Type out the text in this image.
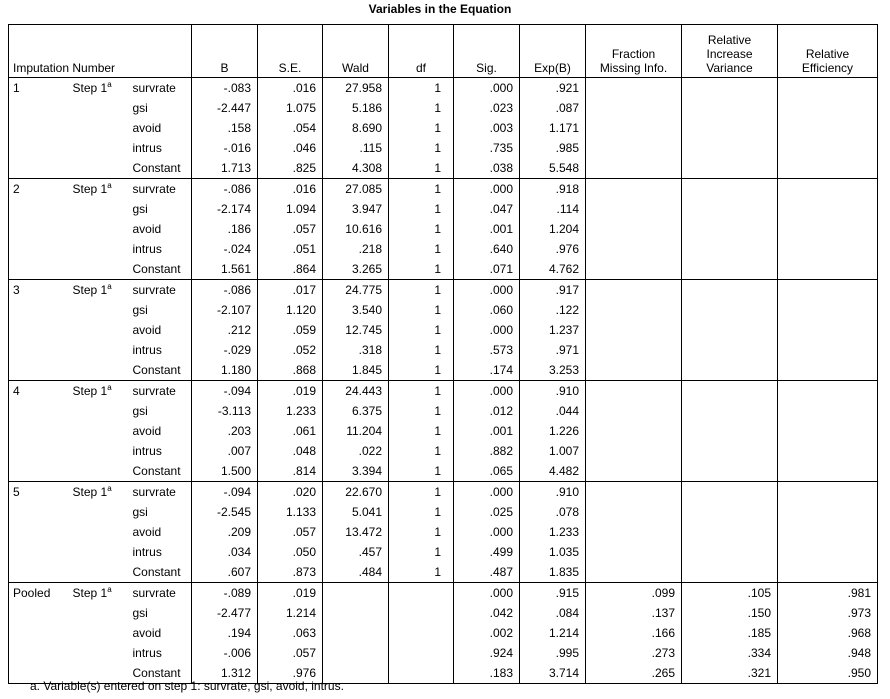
Variables in the Equation
Imputation Number			B	S.E.	Wald	df	Sig.	Exp(B)	Fraction Missing Info.	Relative Increase Variance	Relative Efficiency
1	Step 1$^a$	survrate	-.083	.016	27.958	1	.000	.921			
		gsi	-2.447	1.075	5.186	1	.023	.087			
		avoid	.158	.054	8.690	1	.003	1.171			
		intrus	-.016	.046	.115	1	.735	.985			
		Constant	1.713	.825	4.308	1	.038	5.548			
2	Step 1$^a$	survrate	-.086	.016	27.085	1	.000	.918			
		gsi	-2.174	1.094	3.947	1	.047	.114			
		avoid	.186	.057	10.616	1	.001	1.204			
		intrus	-.024	.051	.218	1	.640	.976			
		Constant	1.561	.864	3.265	1	.071	4.762			
3	Step 1$^a$	survrate	-.086	.017	24.775	1	.000	.917			
		gsi	-2.107	1.120	3.540	1	.060	.122			
		avoid	.212	.059	12.745	1	.000	1.237			
		intrus	-.029	.052	.318	1	.573	.971			
		Constant	1.180	.868	1.845	1	.174	3.253			
4	Step 1$^a$	survrate	-.094	.019	24.443	1	.000	.910			
		gsi	-3.113	1.233	6.375	1	.012	.044			
		avoid	.203	.061	11.204	1	.001	1.226			
		intrus	.007	.048	.022	1	.882	1.007			
		Constant	1.500	.814	3.394	1	.065	4.482			
5	Step 1$^a$	survrate	-.094	.020	22.670	1	.000	.910			
		gsi	-2.545	1.133	5.041	1	.025	.078			
		avoid	.209	.057	13.472	1	.000	1.233			
		intrus	.034	.050	.457	1	.499	1.035			
		Constant	.607	.873	.484	1	.487	1.835			
Pooled	Step 1$^a$	survrate	-.089	.019			.000	.915	.099	.105	.981
		gsi	-2.477	1.214			.042	.084	.137	.150	.973
		avoid	.194	.063			.002	1.214	.166	.185	.968
		intrus	-.006	.057			.924	.995	.273	.334	.948
		Constant	1.312	.976			.183	3.714	.265	.321	.950
a. Variable(s) entered on step 1: survrate, gsi, avoid, intrus.
